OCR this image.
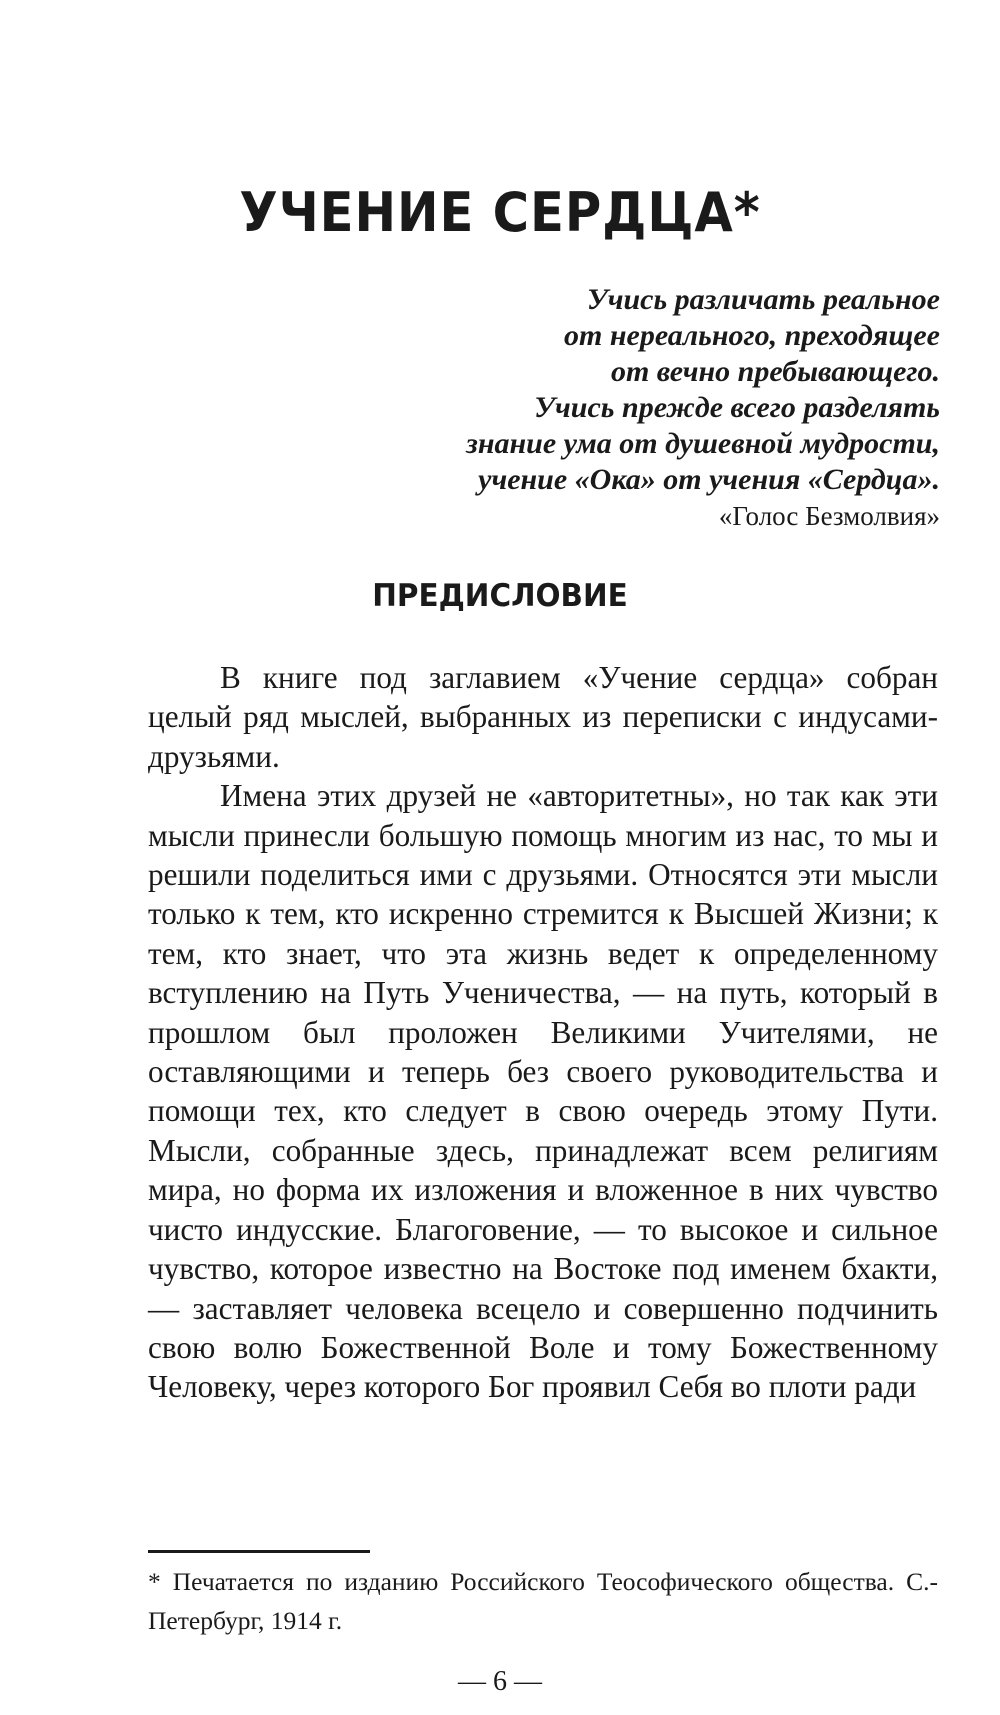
УЧЕНИЕ СЕРДЦА*
Учись различать реальное
от нереального, преходящее
от вечно пребывающего.
Учись прежде всего разделять
знание ума от душевной мудрости,
учение «Ока» от учения «Сердца».
«Голос Безмолвия»
ПРЕДИСЛОВИЕ

В книге под заглавием «Учение сердца» собран целый ряд мыслей, выбранных из переписки с индусами-друзьями.

Имена этих друзей не «авторитетны», но так как эти мысли принесли большую помощь многим из нас, то мы и решили поделиться ими с друзьями. Относятся эти мысли только к тем, кто искренно стремится к Высшей Жизни; к тем, кто знает, что эта жизнь ведет к определенному вступлению на Путь Ученичества, — на путь, который в прошлом был проложен Великими Учителями, не оставляющими и теперь без своего руководительства и помощи тех, кто следует в свою очередь этому Пути. Мысли, собранные здесь, принадлежат всем религиям мира, но форма их изложения и вложенное в них чувство чисто индусские. Благоговение, — то высокое и сильное чувство, которое известно на Востоке под именем бхакти, — заставляет человека всецело и совершенно подчинить свою волю Божественной Воле и тому Божественному Человеку, через которого Бог проявил Себя во плоти ради

* Печатается по изданию Российского Теософического общества. С.-Петербург, 1914 г.

— 6 —
